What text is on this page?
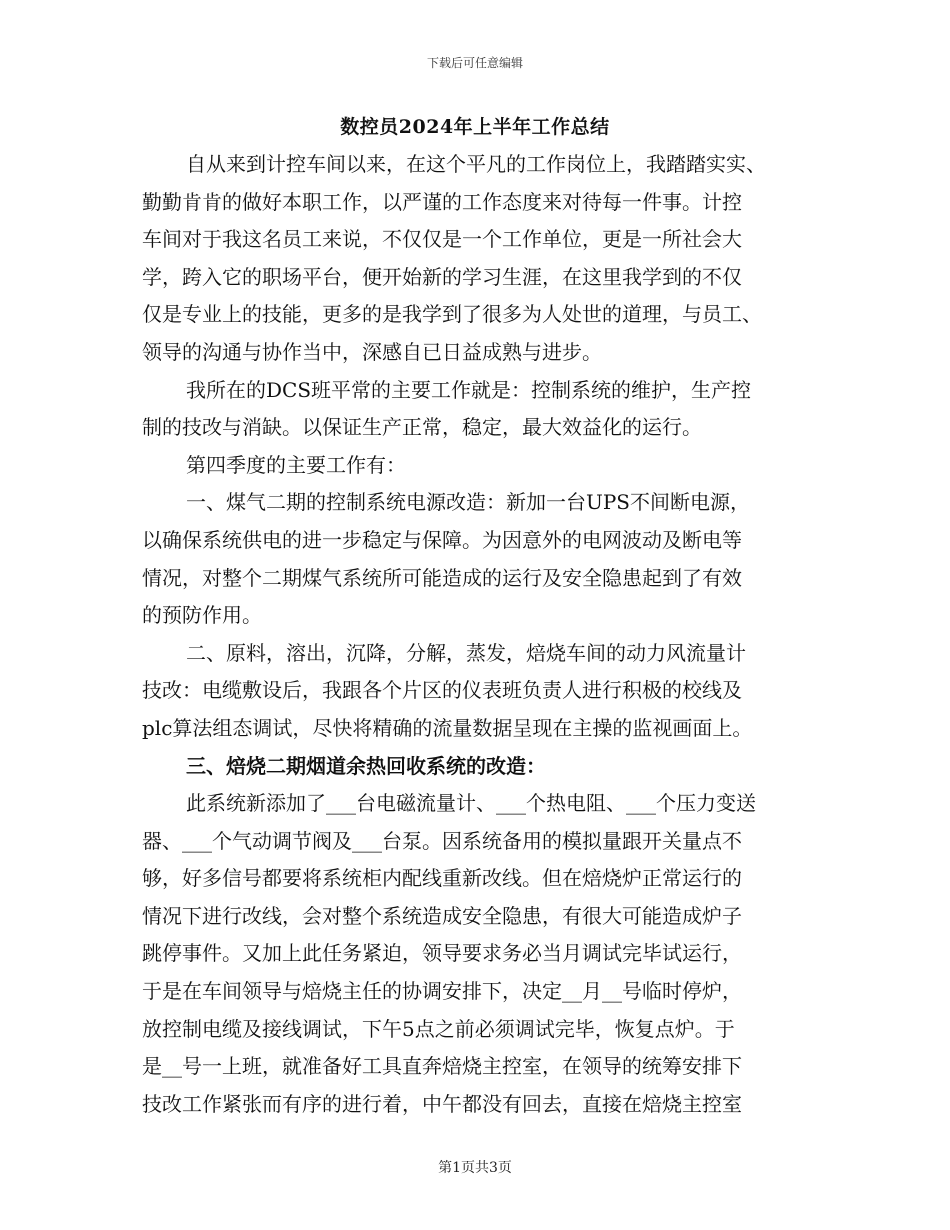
下载后可任意编辑
数控员2024年上半年工作总结
自从来到计控车间以来，在这个平凡的工作岗位上，我踏踏实实、
勤勤肯肯的做好本职工作，以严谨的工作态度来对待每一件事。计控
车间对于我这名员工来说，不仅仅是一个工作单位，更是一所社会大
学，跨入它的职场平台，便开始新的学习生涯，在这里我学到的不仅
仅是专业上的技能，更多的是我学到了很多为人处世的道理，与员工、
领导的沟通与协作当中，深感自已日益成熟与进步。
我所在的DCS班平常的主要工作就是：控制系统的维护，生产控
制的技改与消缺。以保证生产正常，稳定，最大效益化的运行。
第四季度的主要工作有：
一、煤气二期的控制系统电源改造：新加一台UPS不间断电源，
以确保系统供电的进一步稳定与保障。为因意外的电网波动及断电等
情况，对整个二期煤气系统所可能造成的运行及安全隐患起到了有效
的预防作用。
二、原料，溶出，沉降，分解，蒸发，焙烧车间的动力风流量计
技改：电缆敷设后，我跟各个片区的仪表班负责人进行积极的校线及
plc算法组态调试，尽快将精确的流量数据呈现在主操的监视画面上。
三、焙烧二期烟道余热回收系统的改造：
此系统新添加了___台电磁流量计、___个热电阻、___个压力变送
器、___个气动调节阀及___台泵。因系统备用的模拟量跟开关量点不
够，好多信号都要将系统柜内配线重新改线。但在焙烧炉正常运行的
情况下进行改线，会对整个系统造成安全隐患，有很大可能造成炉子
跳停事件。又加上此任务紧迫，领导要求务必当月调试完毕试运行，
于是在车间领导与焙烧主任的协调安排下，决定__月__号临时停炉，
放控制电缆及接线调试，下午5点之前必须调试完毕，恢复点炉。于
是__号一上班，就准备好工具直奔焙烧主控室，在领导的统筹安排下
技改工作紧张而有序的进行着，中午都没有回去，直接在焙烧主控室
第1页共3页
